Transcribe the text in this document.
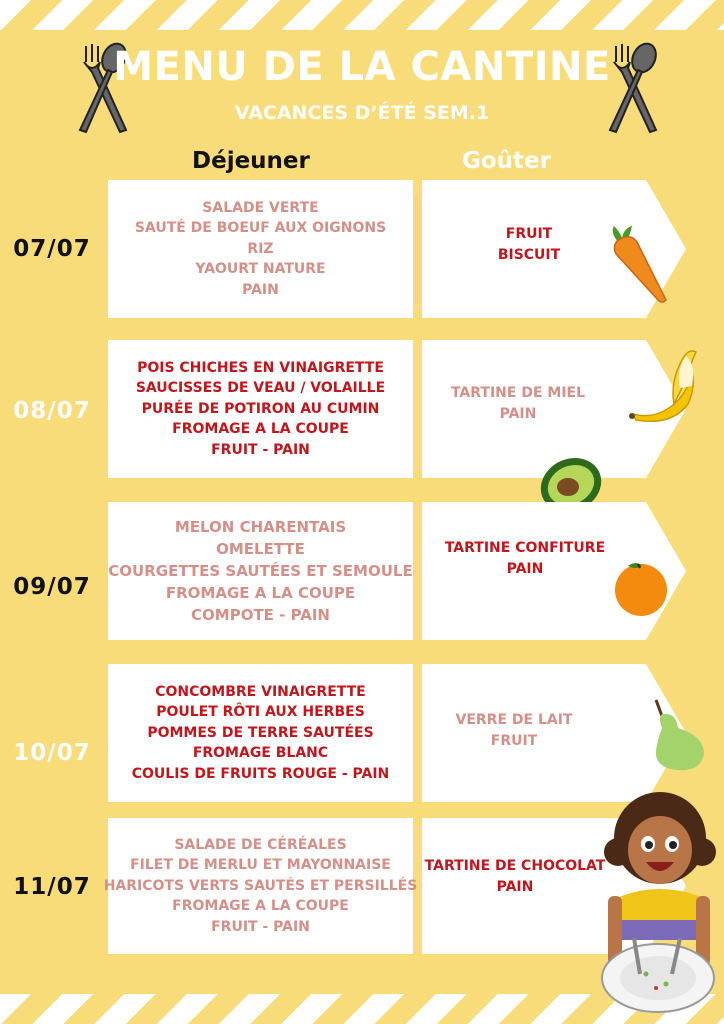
MENU DE LA CANTINE
VACANCES D’ÉTÉ SEM.1
Déjeuner	Goûter
07/07
SALADE VERTE
SAUTÉ DE BOEUF AUX OIGNONS
RIZ
YAOURT NATURE
PAIN
FRUIT
BISCUIT
08/07
POIS CHICHES EN VINAIGRETTE
SAUCISSES DE VEAU / VOLAILLE
PURÉE DE POTIRON AU CUMIN
FROMAGE A LA COUPE
FRUIT - PAIN
TARTINE DE MIEL
PAIN
09/07
MELON CHARENTAIS
OMELETTE
COURGETTES SAUTÉES ET SEMOULE
FROMAGE A LA COUPE
COMPOTE - PAIN
TARTINE CONFITURE
PAIN
10/07
CONCOMBRE VINAIGRETTE
POULET RÔTI AUX HERBES
POMMES DE TERRE SAUTÉES
FROMAGE BLANC
COULIS DE FRUITS ROUGE - PAIN
VERRE DE LAIT
FRUIT
11/07
SALADE DE CÉRÉALES
FILET DE MERLU ET MAYONNAISE
HARICOTS VERTS SAUTÉS ET PERSILLÉS
FROMAGE A LA COUPE
FRUIT - PAIN
TARTINE DE CHOCOLAT
PAIN
